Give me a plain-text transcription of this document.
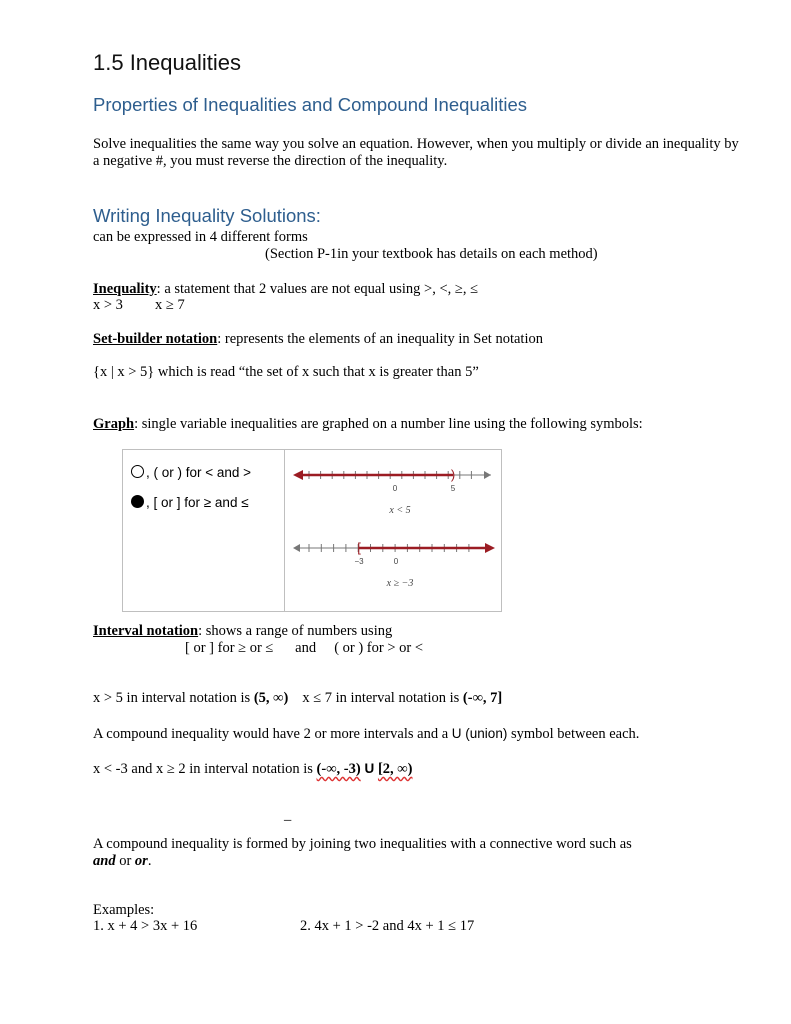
1.5 Inequalities
Properties of Inequalities and Compound Inequalities
Solve inequalities the same way you solve an equation. However, when you multiply or divide an inequality by
a negative #, you must reverse the direction of the inequality.
Writing Inequality Solutions:
can be expressed in 4 different forms
(Section P-1in your textbook has details on each method)
Inequality: a statement that 2 values are not equal using >, <, ≥, ≤
x > 3 x ≥ 7
Set-builder notation: represents the elements of an inequality in Set notation
{x | x > 5} which is read “the set of x such that x is greater than 5”
Graph: single variable inequalities are graphed on a number line using the following symbols:
, ( or ) for < and >
, [ or ] for ≥ and ≤
)
0	5
x < 5
[
−3	0
x ≥ −3
Interval notation: shows a range of numbers using
[ or ] for ≥ or ≤      and     ( or ) for > or <
x > 5 in interval notation is (5, ∞) x ≤ 7 in interval notation is (-∞, 7]
A compound inequality would have 2 or more intervals and a U (union) symbol between each.
x < -3 and x ≥ 2 in interval notation is (-∞, -3) U [2, ∞)
–
A compound inequality is formed by joining two inequalities with a connective word such as
and or or.
Examples:
1. x + 4 > 3x + 16	2. 4x + 1 > -2 and 4x + 1 ≤ 17
